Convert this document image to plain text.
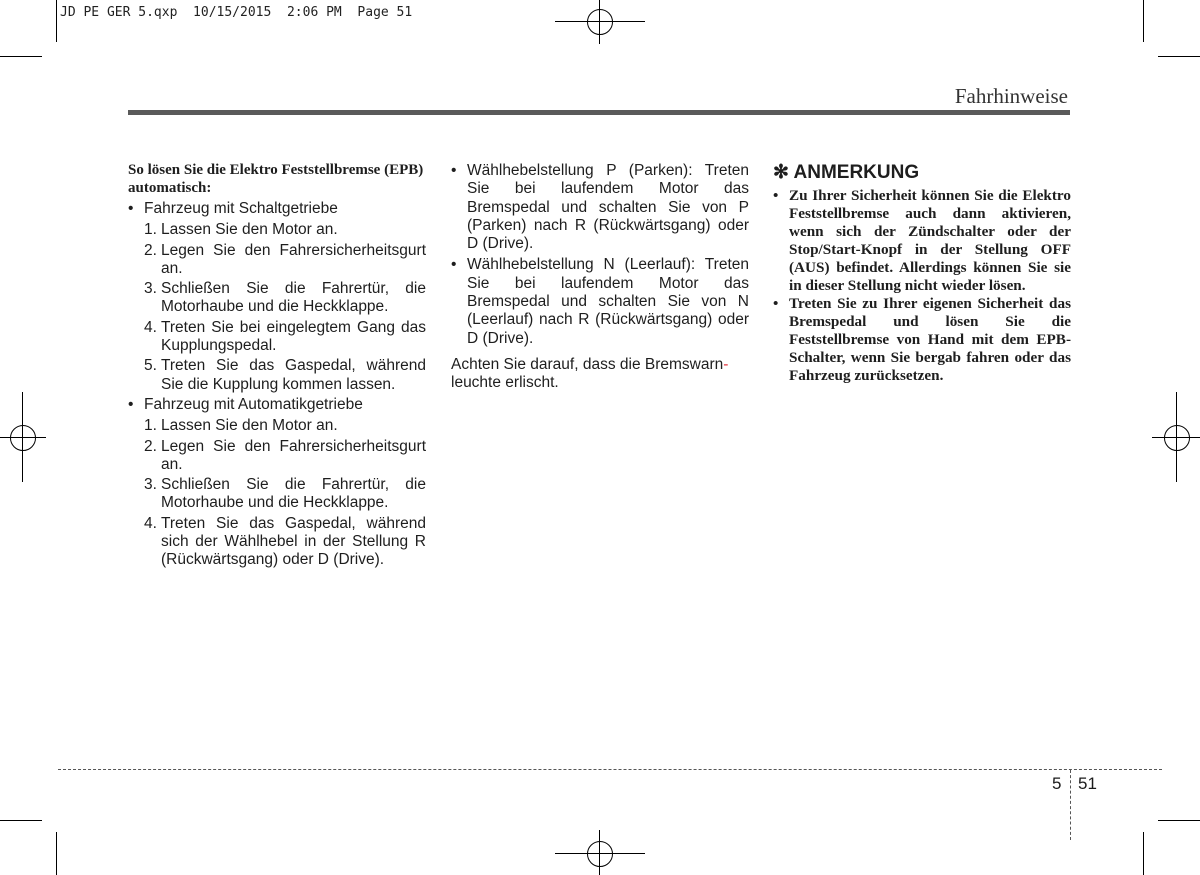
JD PE GER 5.qxp  10/15/2015  2:06 PM  Page 51
Fahrhinweise
So lösen Sie die Elektro Feststellbremse (EPB) automatisch:
• Fahrzeug mit Schaltgetriebe
1. Lassen Sie den Motor an.
2. Legen Sie den Fahrersicherheitsgurt an.
3. Schließen Sie die Fahrertür, die Motorhaube und die Heckklappe.
4. Treten Sie bei eingelegtem Gang das Kupplungspedal.
5. Treten Sie das Gaspedal, während Sie die Kupplung kommen lassen.
• Fahrzeug mit Automatikgetriebe
1. Lassen Sie den Motor an.
2. Legen Sie den Fahrersicherheitsgurt an.
3. Schließen Sie die Fahrertür, die Motorhaube und die Heckklappe.
4. Treten Sie das Gaspedal, während sich der Wählhebel in der Stellung R (Rückwärtsgang) oder D (Drive).
• Wählhebelstellung P (Parken): Treten Sie bei laufendem Motor das Bremspedal und schalten Sie von P (Parken) nach R (Rückwärtsgang) oder D (Drive).
• Wählhebelstellung N (Leerlauf): Treten Sie bei laufendem Motor das Bremspedal und schalten Sie von N (Leerlauf) nach R (Rückwärtsgang) oder D (Drive).
Achten Sie darauf, dass die Bremswarn-
leuchte erlischt.
✻ ANMERKUNG
• Zu Ihrer Sicherheit können Sie die Elektro Feststellbremse auch dann aktivieren, wenn sich der Zündschalter oder der Stop/Start-Knopf in der Stellung OFF (AUS) befindet. Allerdings können Sie sie in dieser Stellung nicht wieder lösen.
• Treten Sie zu Ihrer eigenen Sicherheit das Bremspedal und lösen Sie die Feststellbremse von Hand mit dem EPB-Schalter, wenn Sie bergab fahren oder das Fahrzeug zurücksetzen.
5 51
